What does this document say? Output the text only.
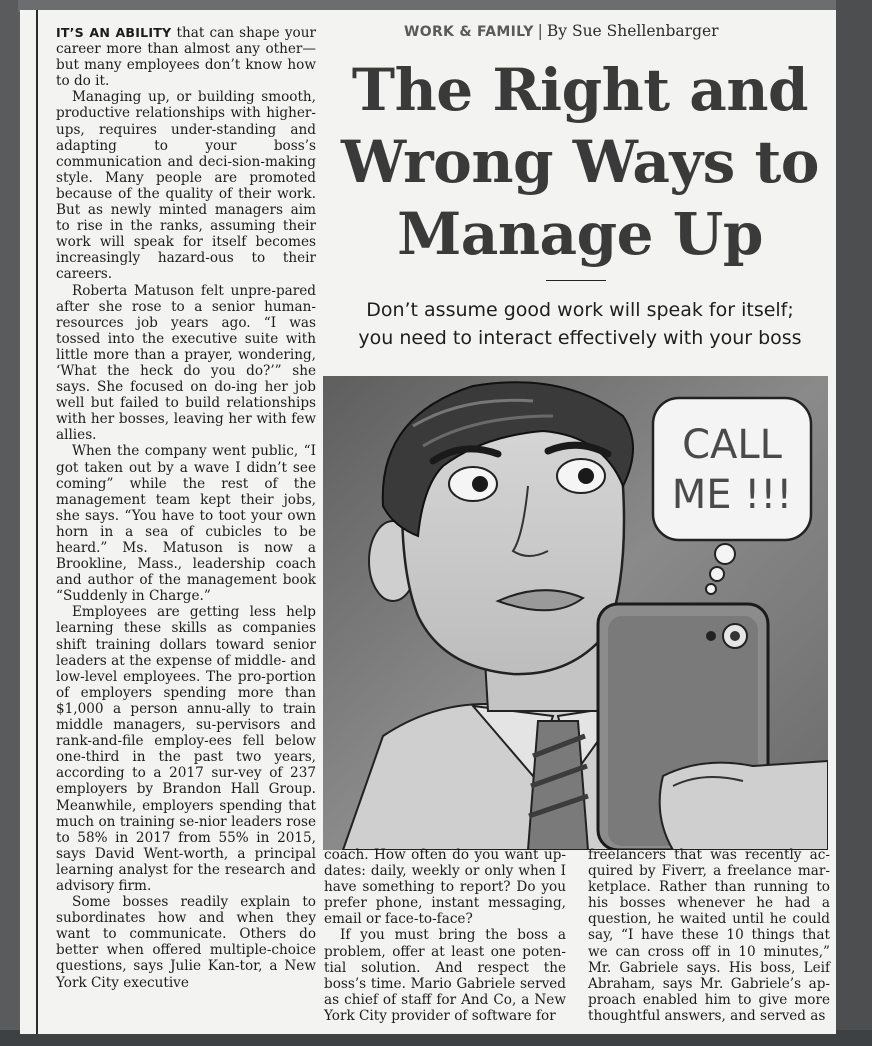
IT’S AN ABILITY that can shape your career more than almost any other—but many employees don’t know how to do it.

Managing up, or building smooth, productive relationships with higher-ups, requires under-standing and adapting to your boss’s communication and deci-sion-making style. Many people are promoted because of the quality of their work. But as newly minted managers aim to rise in the ranks, assuming their work will speak for itself becomes increasingly hazard-ous to their careers.

Roberta Matuson felt unpre-pared after she rose to a senior human-resources job years ago. “I was tossed into the executive suite with little more than a prayer, wondering, ‘What the heck do you do?’” she says. She focused on do-ing her job well but failed to build relationships with her bosses, leaving her with few allies.

When the company went public, “I got taken out by a wave I didn’t see coming” while the rest of the management team kept their jobs, she says. “You have to toot your own horn in a sea of cubicles to be heard.” Ms. Matuson is now a Brookline, Mass., leadership coach and author of the management book “Suddenly in Charge.”

Employees are getting less help learning these skills as companies shift training dollars toward senior leaders at the expense of middle- and low-level employees. The pro-portion of employers spending more than $1,000 a person annu-ally to train middle managers, su-pervisors and rank-and-file employ-ees fell below one-third in the past two years, according to a 2017 sur-vey of 237 employers by Brandon Hall Group. Meanwhile, employers spending that much on training se-nior leaders rose to 58% in 2017 from 55% in 2015, says David Went-worth, a principal learning analyst for the research and advisory firm.

Some bosses readily explain to subordinates how and when they want to communicate. Others do better when offered multiple-choice questions, says Julie Kan-tor, a New York City executive

WORK & FAMILY | By Sue Shellenbarger
The Right and
Wrong Ways to
Manage Up
Don’t assume good work will speak for itself;
you need to interact effectively with your boss
CALL
ME !!!

coach. How often do you want up-dates: daily, weekly or only when I have something to report? Do you prefer phone, instant messaging, email or face-to-face?

If you must bring the boss a problem, offer at least one poten-tial solution. And respect the boss’s time. Mario Gabriele served as chief of staff for And Co, a New York City provider of software for

freelancers that was recently ac-quired by Fiverr, a freelance mar-ketplace. Rather than running to his bosses whenever he had a question, he waited until he could say, “I have these 10 things that we can cross off in 10 minutes,” Mr. Gabriele says. His boss, Leif Abraham, says Mr. Gabriele’s ap-proach enabled him to give more thoughtful answers, and served as
